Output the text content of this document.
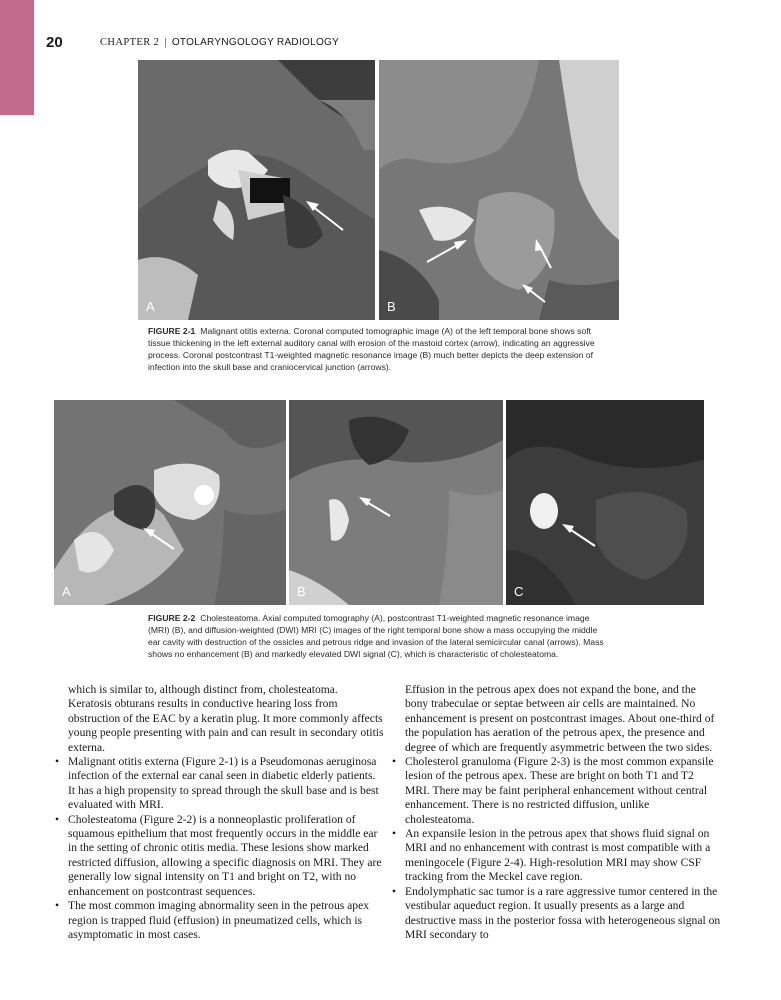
20	CHAPTER 2 | OTOLARYNGOLOGY RADIOLOGY
A	B
FIGURE 2-1 Malignant otitis externa. Coronal computed tomographic image (A) of the left temporal bone shows soft tissue thickening in the left external auditory canal with erosion of the mastoid cortex (arrow), indicating an aggressive process. Coronal postcontrast T1-weighted magnetic resonance image (B) much better depicts the deep extension of infection into the skull base and craniocervical junction (arrows).
A	B	C
FIGURE 2-2 Cholesteatoma. Axial computed tomography (A), postcontrast T1-weighted magnetic resonance image (MRI) (B), and diffusion-weighted (DWI) MRI (C) images of the right temporal bone show a mass occupying the middle ear cavity with destruction of the ossicles and petrous ridge and invasion of the lateral semicircular canal (arrows). Mass shows no enhancement (B) and markedly elevated DWI signal (C), which is characteristic of cholesteatoma.

which is similar to, although distinct from, cholesteatoma. Keratosis obturans results in conductive hearing loss from obstruction of the EAC by a keratin plug. It more commonly affects young people presenting with pain and can result in secondary otitis externa.

• Malignant otitis externa (Figure 2-1) is a Pseudomonas aeruginosa infection of the external ear canal seen in diabetic elderly patients. It has a high propensity to spread through the skull base and is best evaluated with MRI.
• Cholesteatoma (Figure 2-2) is a nonneoplastic proliferation of squamous epithelium that most frequently occurs in the middle ear in the setting of chronic otitis media. These lesions show marked restricted diffusion, allowing a specific diagnosis on MRI. They are generally low signal intensity on T1 and bright on T2, with no enhancement on postcontrast sequences.
• The most common imaging abnormality seen in the petrous apex region is trapped fluid (effusion) in pneumatized cells, which is asymptomatic in most cases.

Effusion in the petrous apex does not expand the bone, and the bony trabeculae or septae between air cells are maintained. No enhancement is present on postcontrast images. About one-third of the population has aeration of the petrous apex, the presence and degree of which are frequently asymmetric between the two sides.

• Cholesterol granuloma (Figure 2-3) is the most common expansile lesion of the petrous apex. These are bright on both T1 and T2 MRI. There may be faint peripheral enhancement without central enhancement. There is no restricted diffusion, unlike cholesteatoma.
• An expansile lesion in the petrous apex that shows fluid signal on MRI and no enhancement with contrast is most compatible with a meningocele (Figure 2-4). High-resolution MRI may show CSF tracking from the Meckel cave region.
• Endolymphatic sac tumor is a rare aggressive tumor centered in the vestibular aqueduct region. It usually presents as a large and destructive mass in the posterior fossa with heterogeneous signal on MRI secondary to
